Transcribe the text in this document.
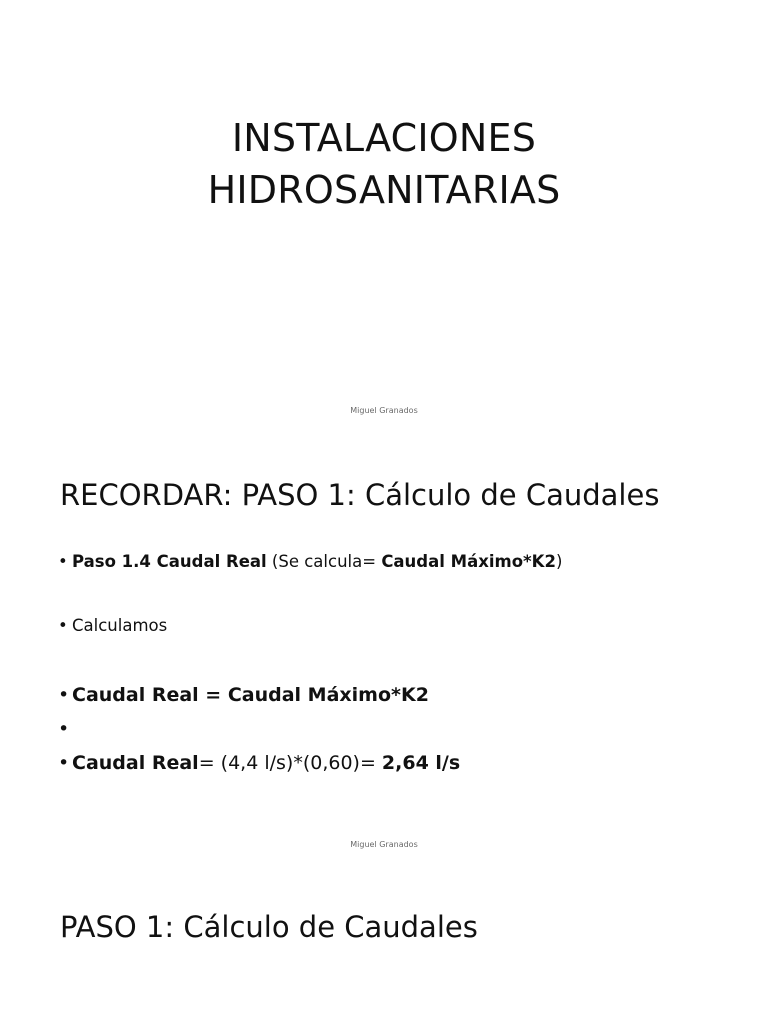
INSTALACIONES
HIDROSANITARIAS
Miguel Granados
RECORDAR: PASO 1: Cálculo de Caudales
• Paso 1.4 Caudal Real (Se calcula= Caudal Máximo*K2)
• Calculamos
• Caudal Real = Caudal Máximo*K2
•
• Caudal Real= (4,4 l/s)*(0,60)= 2,64 l/s
Miguel Granados
PASO 1: Cálculo de Caudales
